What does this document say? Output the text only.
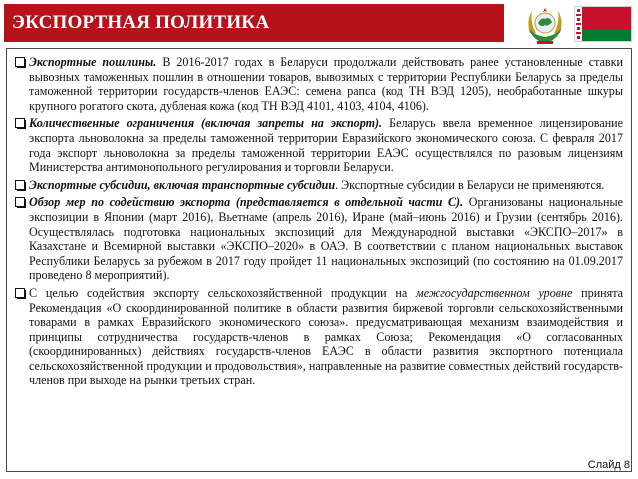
ЭКСПОРТНАЯ ПОЛИТИКА
Экспортные пошлины. В 2016-2017 годах в Беларуси продолжали действовать ранее установленные ставки вывозных таможенных пошлин в отношении товаров, вывозимых с территории Республики Беларусь за пределы таможенной территории государств-членов ЕАЭС: семена рапса (код ТН ВЭД 1205), необработанные шкуры крупного рогатого скота, дубленая кожа (код ТН ВЭД 4101, 4103, 4104, 4106).
Количественные ограничения (включая запреты на экспорт). Беларусь ввела временное лицензирование экспорта льноволокна за пределы таможенной территории Евразийского экономического союза. С февраля 2017 года экспорт льноволокна за пределы таможенной территории ЕАЭС осуществлялся по разовым лицензиям Министерства антимонопольного регулирования и торговли Беларуси.
Экспортные субсидии, включая транспортные субсидии. Экспортные субсидии в Беларуси не применяются.
Обзор мер по содействию экспорта (представляется в отдельной части С). Организованы национальные экспозиции в Японии (март 2016), Вьетнаме (апрель 2016), Иране (май–июнь 2016) и Грузии (сентябрь 2016). Осуществлялась подготовка национальных экспозиций для Международной выставки «ЭКСПО–2017» в Казахстане и Всемирной выставки «ЭКСПО–2020» в ОАЭ. В соответствии с планом национальных выставок Республики Беларусь за рубежом в 2017 году пройдет 11 национальных экспозиций (по состоянию на 01.09.2017 проведено 8 мероприятий).
С целью содействия экспорту сельскохозяйственной продукции на межгосударственном уровне принята Рекомендация «О скоординированной политике в области развития биржевой торговли сельскохозяйственными товарами в рамках Евразийского экономического союза». предусматривающая механизм взаимодействия и принципы сотрудничества государств-членов в рамках Союза; Рекомендация «О согласованных (скоординированных) действиях государств-членов ЕАЭС в области развития экспортного потенциала сельскохозяйственной продукции и продовольствия», направленные на развитие совместных действий государств-членов при выходе на рынки третьих стран.
Слайд 8
